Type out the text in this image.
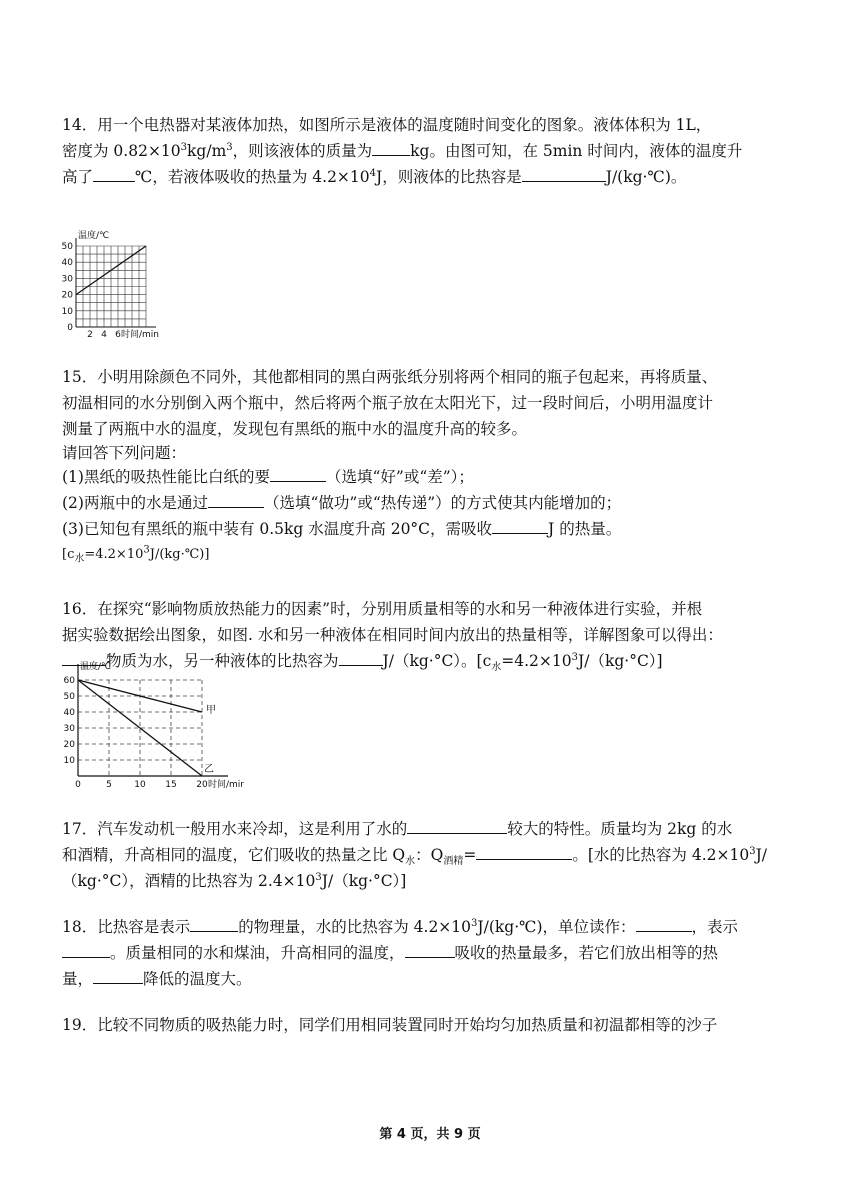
14．用一个电热器对某液体加热，如图所示是液体的温度随时间变化的图象。液体体积为 1L，

密度为 $0.82\times 10^3kg/m^3$，则该液体的质量为 kg。由图可知，在 5min 时间内，液体的温度升

高了	℃，若液体吸收的热量为 $4.2\times 10^4J$，则液体的比热容是	J/(kg·℃)。

50
40
30
20
10
0
2 4 6
温度/℃
时间/min

15．小明用除颜色不同外，其他都相同的黑白两张纸分别将两个相同的瓶子包起来，再将质量、

初温相同的水分别倒入两个瓶中，然后将两个瓶子放在太阳光下，过一段时间后，小明用温度计

测量了两瓶中水的温度，发现包有黑纸的瓶中水的温度升高的较多。

请回答下列问题：

(1)黑纸的吸热性能比白纸的要	（选填“好”或“差”）；

(2)两瓶中的水是通过	（选填“做功”或“热传递”）的方式使其内能增加的；

(3)已知包有黑纸的瓶中装有 0.5kg 水温度升高 20°C，需吸收	J 的热量。

$[c_水=4.2\times 10^3J/(kg\cdot℃)]$

16．在探究“影响物质放热能力的因素”时，分别用质量相等的水和另一种液体进行实验，并根

据实验数据绘出图象，如图. 水和另一种液体在相同时间内放出的热量相等，详解图象可以得出：

物质为水，另一种液体的比热容为	J/（kg·°C）。$[c_水=4.2\times 10^3J/(kg\cdot^\circ C)]$

60
50
40
30
20
10
0	5 10 15 20
温度/℃
时间/mir
甲
乙

17．汽车发动机一般用水来冷却，这是利用了水的	较大的特性。质量均为 2kg 的水

和酒精，升高相同的温度，它们吸收的热量之比 $Q_水$：$Q_{酒精}=$	。[水的比热容为 $4.2\times 10^3J/$

（kg·°C），酒精的比热容为 $2.4\times 10^3J/(kg\cdot^\circ C)$]

18．比热容是表示	的物理量，水的比热容为 $4.2\times 10^3J/(kg\cdot℃)$，单位读作：	，表示

。质量相同的水和煤油，升高相同的温度，	吸收的热量最多，若它们放出相等的热

量，	降低的温度大。

19．比较不同物质的吸热能力时，同学们用相同装置同时开始均匀加热质量和初温都相等的沙子

第 4 页，共 9 页
